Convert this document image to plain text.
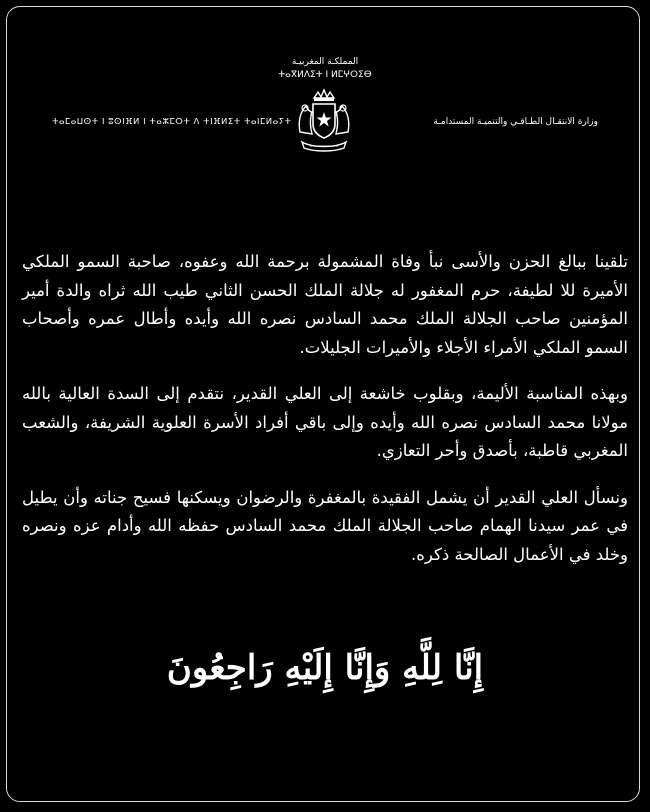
المملكـة المغربيـة
ⵜⴰⴳⵍⴷⵉⵜ ⵏ ⵍⵎⵖⵔⵉⴱ
وزارة الانتقـال الطـاقـي والتنميـة المستدامـة
ⵜⴰⵎⴰⵡⵙⵜ ⵏ ⵓⵙⵏⴼⵍ ⵏ ⵜⴰⵣⵎⵔⵜ ⴷ ⵜⵏⴼⵍⵉⵜ ⵜⴰⵏⵎⵍⴰⵢⵜ

تلقينا ببالغ الحزن والأسى نبأ وفاة المشمولة برحمة الله وعفوه، صاحبة السمو الملكي الأميرة للا لطيفة، حرم المغفور له جلالة الملك الحسن الثاني طيب الله ثراه والدة أمير المؤمنين صاحب الجلالة الملك محمد السادس نصره الله وأيده وأطال عمره وأصحاب السمو الملكي الأمراء الأجلاء والأميرات الجليلات.

وبهذه المناسبة الأليمة، وبقلوب خاشعة إلى العلي القدير، نتقدم إلى السدة العالية بالله مولانا محمد السادس نصره الله وأيده وإلى باقي أفراد الأسرة العلوية الشريفة، والشعب المغربي قاطبة، بأصدق وأحر التعازي.

ونسأل العلي القدير أن يشمل الفقيدة بالمغفرة والرضوان ويسكنها فسيح جناته وأن يطيل في عمر سيدنا الهمام صاحب الجلالة الملك محمد السادس حفظه الله وأدام عزه ونصره وخلد في الأعمال الصالحة ذكره.

إِنَّا لِلَّهِ وَإِنَّا إِلَيْهِ رَاجِعُونَ
